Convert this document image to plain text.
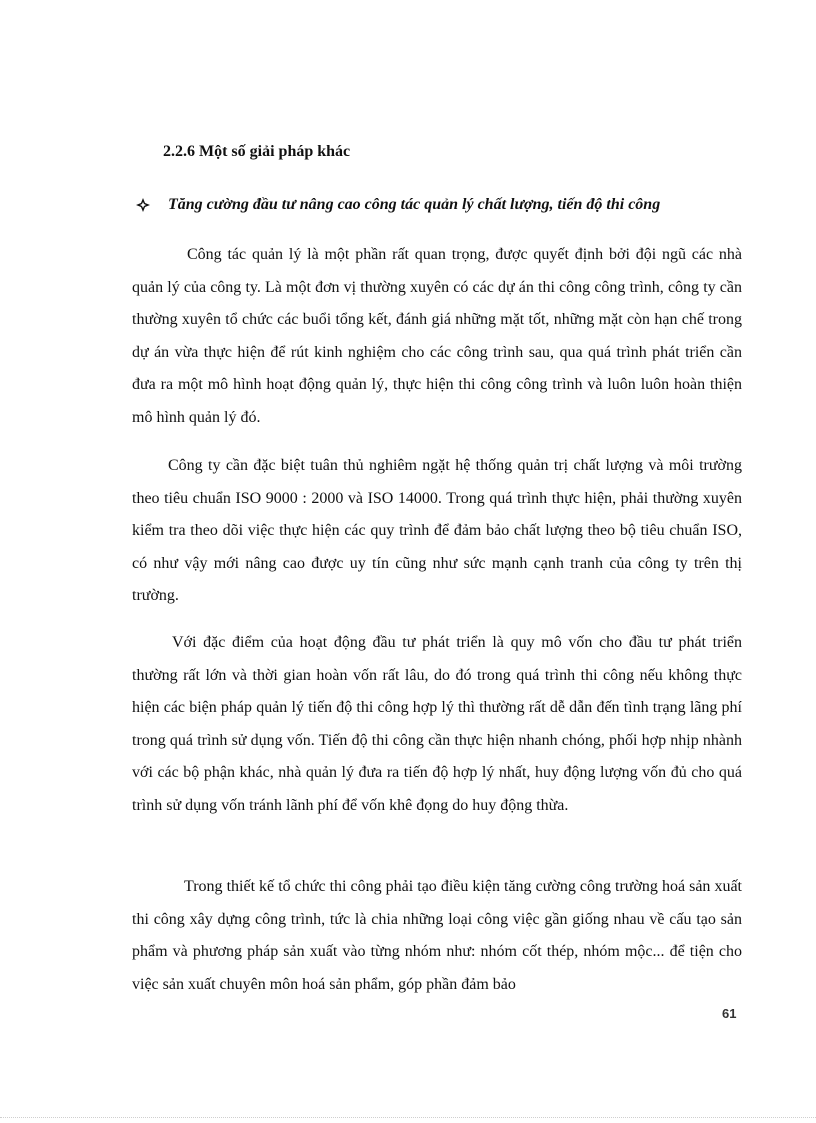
2.2.6 Một số giải pháp khác
Tăng cường đầu tư nâng cao công tác quản lý chất lượng, tiến độ thi công

Công tác quản lý là một phần rất quan trọng, được quyết định bởi đội ngũ các nhà quản lý của công ty. Là một đơn vị thường xuyên có các dự án thi công công trình, công ty cần thường xuyên tổ chức các buổi tổng kết, đánh giá những mặt tốt, những mặt còn hạn chế trong dự án vừa thực hiện để rút kinh nghiệm cho các công trình sau, qua quá trình phát triển cần đưa ra một mô hình hoạt động quản lý, thực hiện thi công công trình và luôn luôn hoàn thiện mô hình quản lý đó.

Công ty cần đặc biệt tuân thủ nghiêm ngặt hệ thống quản trị chất lượng và môi trường theo tiêu chuẩn ISO 9000 : 2000 và ISO 14000. Trong quá trình thực hiện, phải thường xuyên kiểm tra theo dõi việc thực hiện các quy trình để đảm bảo chất lượng theo bộ tiêu chuẩn ISO, có như vậy mới nâng cao được uy tín cũng như sức mạnh cạnh tranh của công ty trên thị trường.

Với đặc điểm của hoạt động đầu tư phát triển là quy mô vốn cho đầu tư phát triển thường rất lớn và thời gian hoàn vốn rất lâu, do đó trong quá trình thi công nếu không thực hiện các biện pháp quản lý tiến độ thi công hợp lý thì thường rất dễ dẫn đến tình trạng lãng phí trong quá trình sử dụng vốn. Tiến độ thi công cần thực hiện nhanh chóng, phối hợp nhịp nhành với các bộ phận khác, nhà quản lý đưa ra tiến độ hợp lý nhất, huy động lượng vốn đủ cho quá trình sử dụng vốn tránh lãnh phí để vốn khê đọng do huy động thừa.

Trong thiết kế tổ chức thi công phải tạo điều kiện tăng cường công trường hoá sản xuất thi công xây dựng công trình, tức là chia những loại công việc gần giống nhau về cấu tạo sản phẩm và phương pháp sản xuất vào từng nhóm như: nhóm cốt thép, nhóm mộc... để tiện cho việc sản xuất chuyên môn hoá sản phẩm, góp phần đảm bảo

61
